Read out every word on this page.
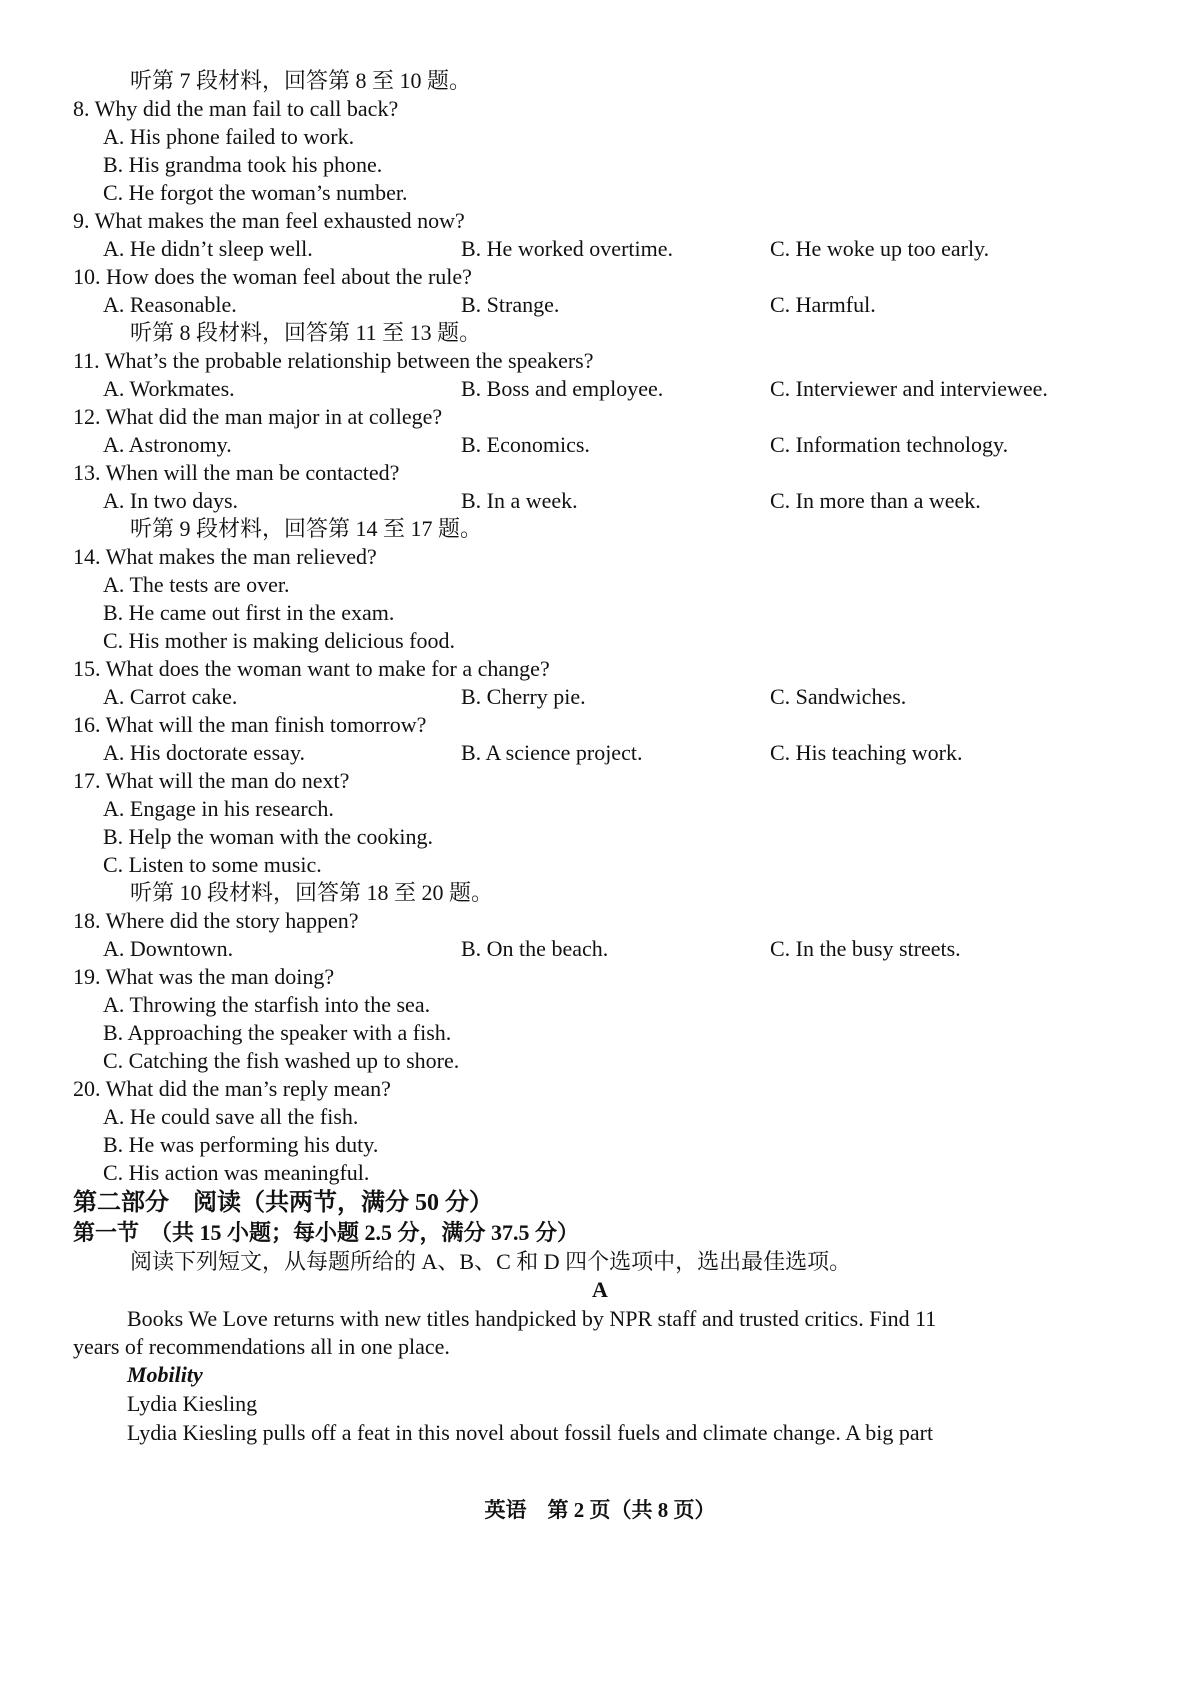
听第 7 段材料，回答第 8 至 10 题。
8. Why did the man fail to call back?
A. His phone failed to work.
B. His grandma took his phone.
C. He forgot the woman’s number.
9. What makes the man feel exhausted now?
A. He didn’t sleep well.	B. He worked overtime.	C. He woke up too early.
10. How does the woman feel about the rule?
A. Reasonable.	B. Strange.	C. Harmful.
听第 8 段材料，回答第 11 至 13 题。
11. What’s the probable relationship between the speakers?
A. Workmates.	B. Boss and employee.	C. Interviewer and interviewee.
12. What did the man major in at college?
A. Astronomy.	B. Economics.	C. Information technology.
13. When will the man be contacted?
A. In two days.	B. In a week.	C. In more than a week.
听第 9 段材料，回答第 14 至 17 题。
14. What makes the man relieved?
A. The tests are over.
B. He came out first in the exam.
C. His mother is making delicious food.
15. What does the woman want to make for a change?
A. Carrot cake.	B. Cherry pie.	C. Sandwiches.
16. What will the man finish tomorrow?
A. His doctorate essay.	B. A science project.	C. His teaching work.
17. What will the man do next?
A. Engage in his research.
B. Help the woman with the cooking.
C. Listen to some music.
听第 10 段材料，回答第 18 至 20 题。
18. Where did the story happen?
A. Downtown.	B. On the beach.	C. In the busy streets.
19. What was the man doing?
A. Throwing the starfish into the sea.
B. Approaching the speaker with a fish.
C. Catching the fish washed up to shore.
20. What did the man’s reply mean?
A. He could save all the fish.
B. He was performing his duty.
C. His action was meaningful.
第二部分　阅读（共两节，满分 50 分）
第一节　（共 15 小题；每小题 2.5 分，满分 37.5 分）
阅读下列短文，从每题所给的 A、B、C 和 D 四个选项中，选出最佳选项。
A
Books We Love returns with new titles handpicked by NPR staff and trusted critics. Find 11
years of recommendations all in one place.
Mobility
Lydia Kiesling
Lydia Kiesling pulls off a feat in this novel about fossil fuels and climate change. A big part
英语　第 2 页（共 8 页）
